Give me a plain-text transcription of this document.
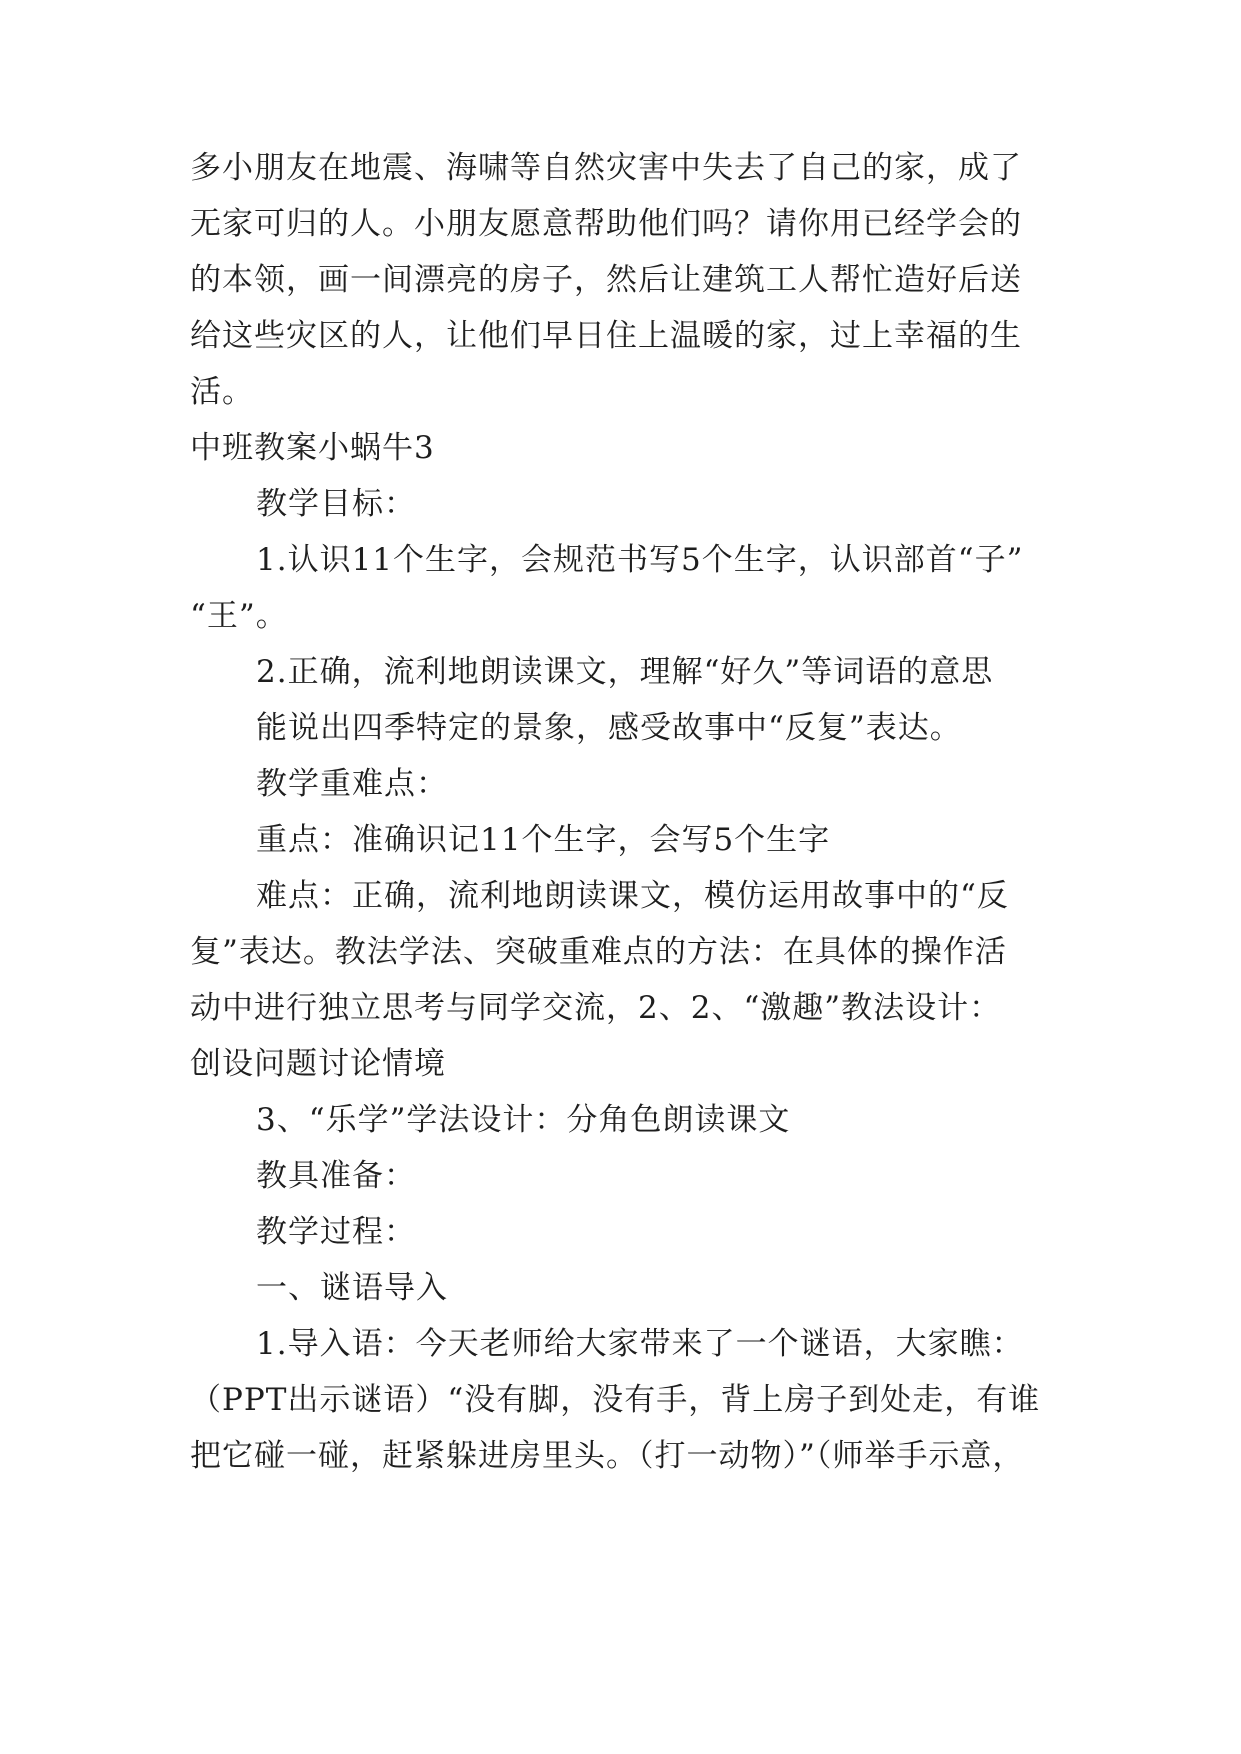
多小朋友在地震、海啸等自然灾害中失去了自己的家，成了
无家可归的人。小朋友愿意帮助他们吗？请你用已经学会的
的本领，画一间漂亮的房子，然后让建筑工人帮忙造好后送
给这些灾区的人，让他们早日住上温暖的家，过上幸福的生
活。
中班教案小蜗牛3
教学目标：
1.认识11个生字，会规范书写5个生字，认识部首“子”
“王”。
2.正确，流利地朗读课文，理解“好久”等词语的意思
能说出四季特定的景象，感受故事中“反复”表达。
教学重难点：
重点：准确识记11个生字，会写5个生字
难点：正确，流利地朗读课文，模仿运用故事中的“反
复”表达。教法学法、突破重难点的方法：在具体的操作活
动中进行独立思考与同学交流，2、2、“激趣”教法设计：
创设问题讨论情境
3、“乐学”学法设计：分角色朗读课文
教具准备：
教学过程：
一、谜语导入
1.导入语：今天老师给大家带来了一个谜语，大家瞧：
（PPT出示谜语）“没有脚，没有手，背上房子到处走，有谁
把它碰一碰，赶紧躲进房里头。（打一动物）”（师举手示意，
